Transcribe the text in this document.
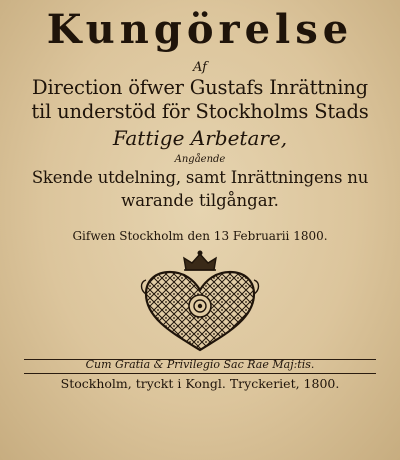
Kungörelse
Af
Direction öfwer Gustafs Inrättning
til understöd för Stockholms Stads
Fattige Arbetare,
Angående
Skende utdelning, samt Inrättningens nu
warande tilgångar.
Gifwen Stockholm den 13 Februarii 1800.
Cum Gratia & Privilegio Sac Rae Maj:tis.
Stockholm, tryckt i Kongl. Tryckeriet, 1800.
